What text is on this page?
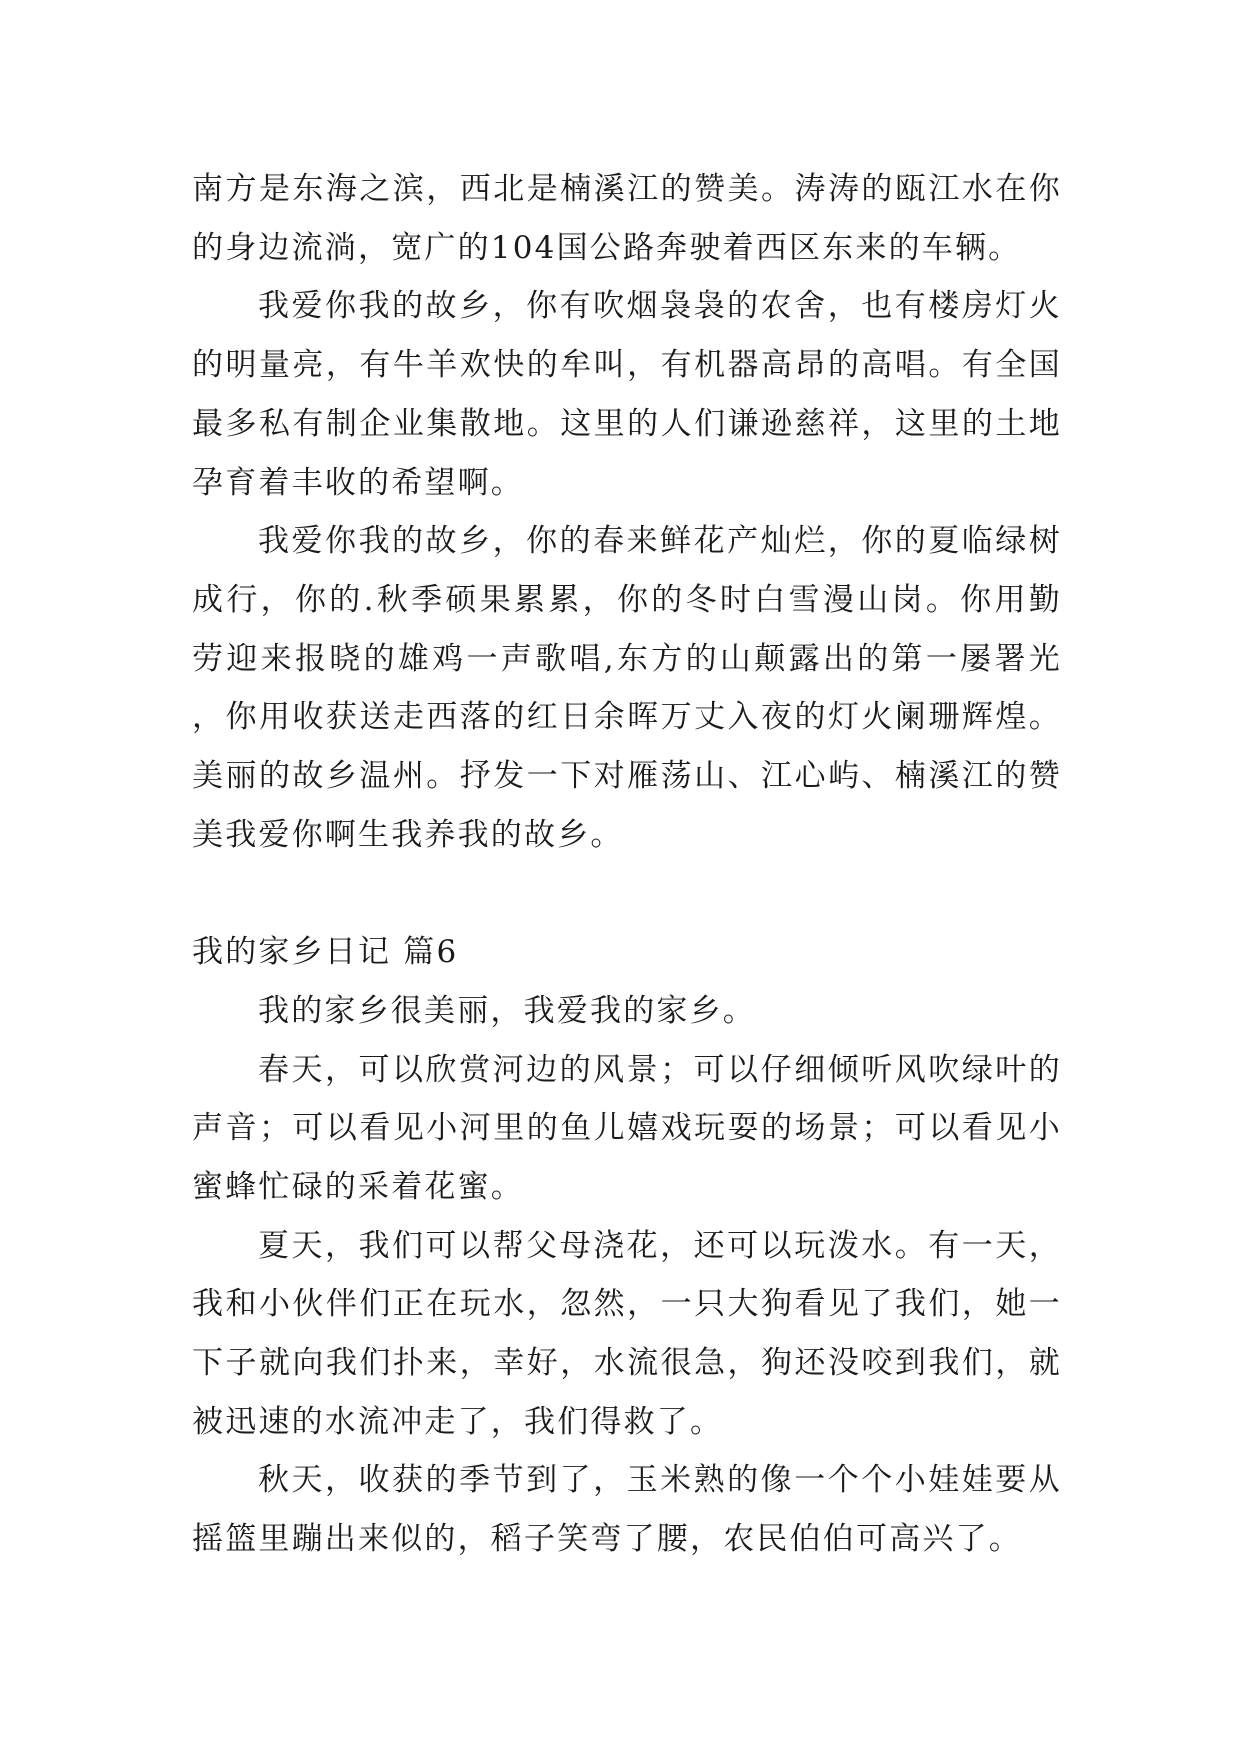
南方是东海之滨，西北是楠溪江的赞美。涛涛的瓯江水在你的身边流淌，宽广的104国公路奔驶着西区东来的车辆。

我爱你我的故乡，你有吹烟袅袅的农舍，也有楼房灯火的明量亮，有牛羊欢快的牟叫，有机器高昂的高唱。有全国最多私有制企业集散地。这里的人们谦逊慈祥，这里的土地孕育着丰收的希望啊。

我爱你我的故乡，你的春来鲜花产灿烂，你的夏临绿树成行，你的.秋季硕果累累，你的冬时白雪漫山岗。你用勤劳迎来报晓的雄鸡一声歌唱,东方的山颠露出的第一屡署光，你用收获送走西落的红日余晖万丈入夜的灯火阑珊辉煌。美丽的故乡温州。抒发一下对雁荡山、江心屿、楠溪江的赞美我爱你啊生我养我的故乡。

我的家乡日记 篇6

我的家乡很美丽，我爱我的家乡。

春天，可以欣赏河边的风景；可以仔细倾听风吹绿叶的声音；可以看见小河里的鱼儿嬉戏玩耍的场景；可以看见小蜜蜂忙碌的采着花蜜。

夏天，我们可以帮父母浇花，还可以玩泼水。有一天，我和小伙伴们正在玩水，忽然，一只大狗看见了我们，她一下子就向我们扑来，幸好，水流很急，狗还没咬到我们，就被迅速的水流冲走了，我们得救了。

秋天，收获的季节到了，玉米熟的像一个个小娃娃要从摇篮里蹦出来似的，稻子笑弯了腰，农民伯伯可高兴了。
